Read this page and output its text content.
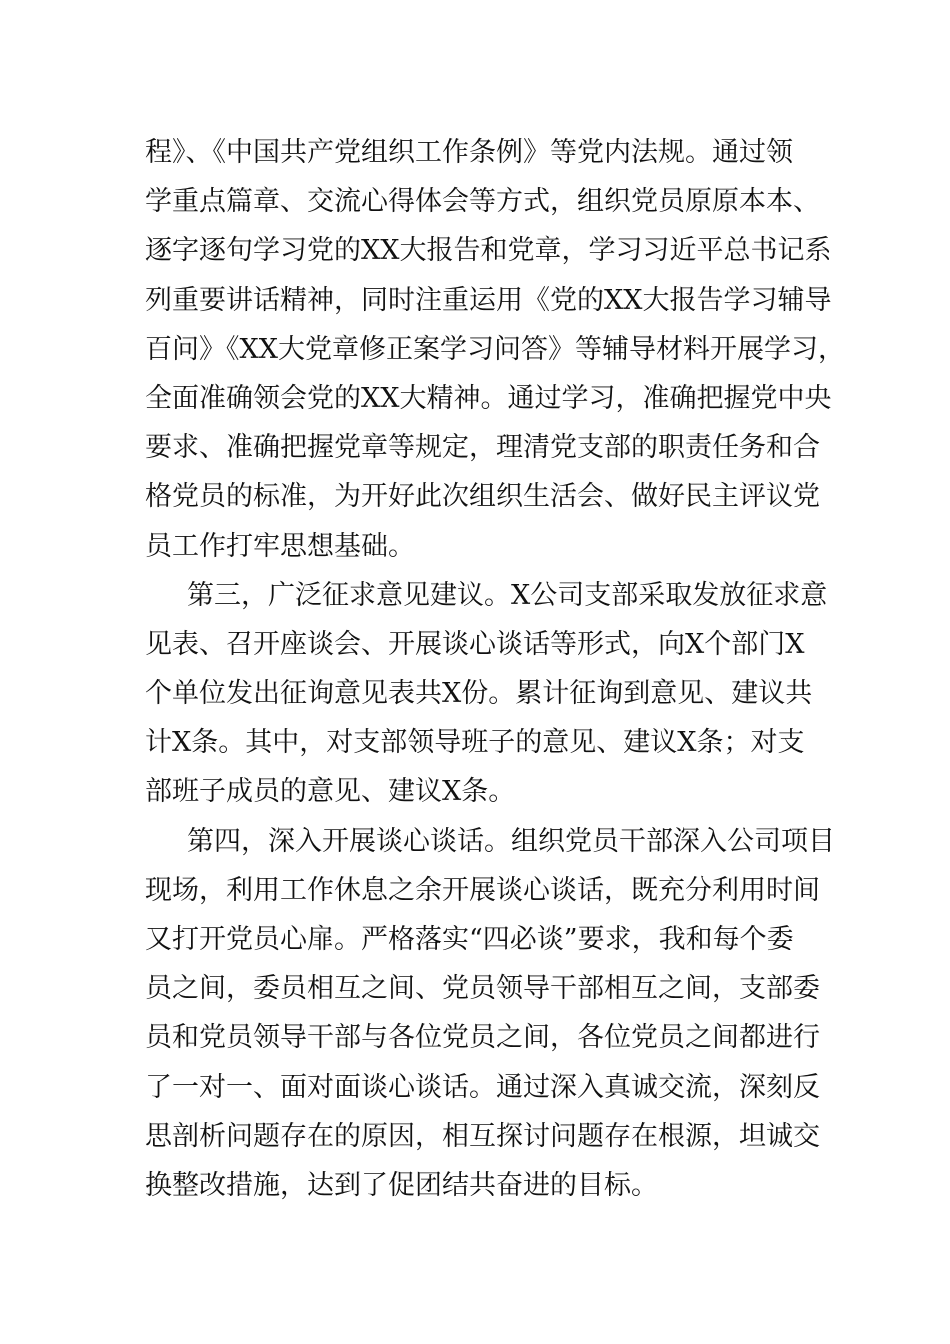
程》、《中国共产党组织工作条例》等党内法规。通过领
学重点篇章、交流心得体会等方式，组织党员原原本本、
逐字逐句学习党的XX大报告和党章，学习习近平总书记系
列重要讲话精神，同时注重运用《党的XX大报告学习辅导
百问》《XX大党章修正案学习问答》等辅导材料开展学习，
全面准确领会党的XX大精神。通过学习，准确把握党中央
要求、准确把握党章等规定，理清党支部的职责任务和合
格党员的标准，为开好此次组织生活会、做好民主评议党
员工作打牢思想基础。
第三，广泛征求意见建议。X公司支部采取发放征求意
见表、召开座谈会、开展谈心谈话等形式，向X个部门X
个单位发出征询意见表共X份。累计征询到意见、建议共
计X条。其中，对支部领导班子的意见、建议X条；对支
部班子成员的意见、建议X条。
第四，深入开展谈心谈话。组织党员干部深入公司项目
现场，利用工作休息之余开展谈心谈话，既充分利用时间
又打开党员心扉。严格落实“四必谈”要求，我和每个委
员之间，委员相互之间、党员领导干部相互之间，支部委
员和党员领导干部与各位党员之间，各位党员之间都进行
了一对一、面对面谈心谈话。通过深入真诚交流，深刻反
思剖析问题存在的原因，相互探讨问题存在根源，坦诚交
换整改措施，达到了促团结共奋进的目标。
